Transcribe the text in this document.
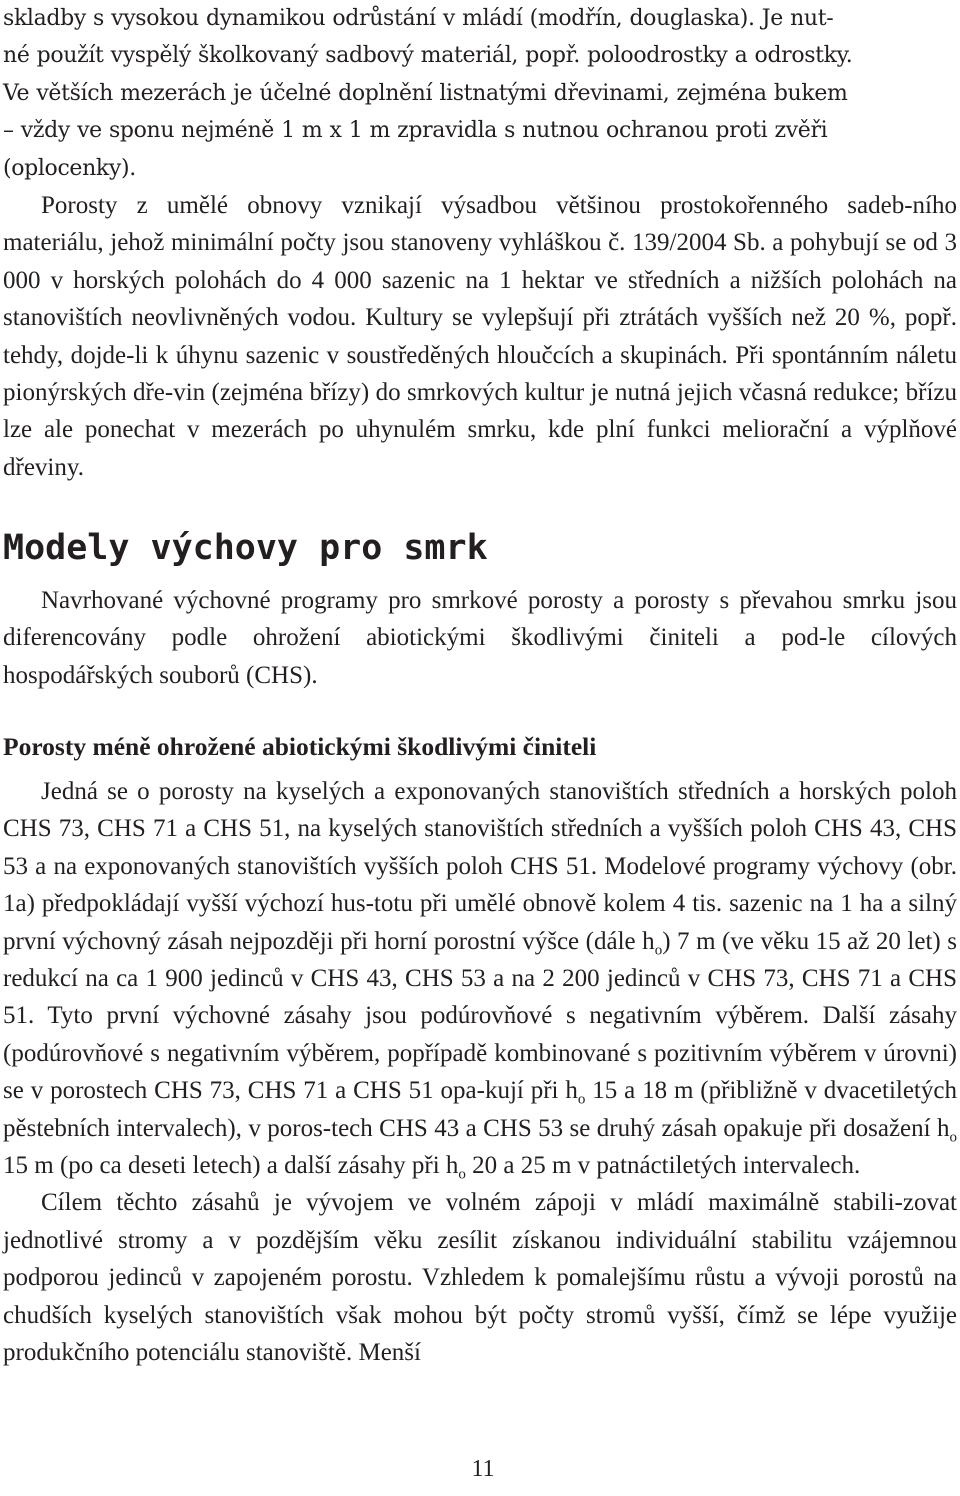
skladby s vysokou dynamikou odrůstání v mládí (modřín, douglaska). Je nut-
né použít vyspělý školkovaný sadbový materiál, popř. poloodrostky a odrostky.
Ve větších mezerách je účelné doplnění listnatými dřevinami, zejména bukem
– vždy ve sponu nejméně 1 m x 1 m zpravidla s nutnou ochranou proti zvěři
(oplocenky).

Porosty z umělé obnovy vznikají výsadbou většinou prostokořenného sadeb-ního materiálu, jehož minimální počty jsou stanoveny vyhláškou č. 139/2004 Sb. a pohybují se od 3 000 v horských polohách do 4 000 sazenic na 1 hektar ve středních a nižších polohách na stanovištích neovlivněných vodou. Kultury se vylepšují při ztrátách vyšších než 20 %, popř. tehdy, dojde-li k úhynu sazenic v soustředěných hloučcích a skupinách. Při spontánním náletu pionýrských dře-vin (zejména břízy) do smrkových kultur je nutná jejich včasná redukce; břízu lze ale ponechat v mezerách po uhynulém smrku, kde plní funkci meliorační a výplňové dřeviny.

Modely výchovy pro smrk

Navrhované výchovné programy pro smrkové porosty a porosty s převahou smrku jsou diferencovány podle ohrožení abiotickými škodlivými činiteli a pod-le cílových hospodářských souborů (CHS).

Porosty méně ohrožené abiotickými škodlivými činiteli

Jedná se o porosty na kyselých a exponovaných stanovištích středních a horských poloh CHS 73, CHS 71 a CHS 51, na kyselých stanovištích středních a vyšších poloh CHS 43, CHS 53 a na exponovaných stanovištích vyšších poloh CHS 51. Modelové programy výchovy (obr. 1a) předpokládají vyšší výchozí hus-totu při umělé obnově kolem 4 tis. sazenic na 1 ha a silný první výchovný zásah nejpozději při horní porostní výšce (dále $h_o$) 7 m (ve věku 15 až 20 let) s redukcí na ca 1 900 jedinců v CHS 43, CHS 53 a na 2 200 jedinců v CHS 73, CHS 71 a CHS 51. Tyto první výchovné zásahy jsou podúrovňové s negativním výběrem. Další zásahy (podúrovňové s negativním výběrem, popřípadě kombinované s pozitivním výběrem v úrovni) se v porostech CHS 73, CHS 71 a CHS 51 opa-kují při $h_o$ 15 a 18 m (přibližně v dvacetiletých pěstebních intervalech), v poros-tech CHS 43 a CHS 53 se druhý zásah opakuje při dosažení $h_o$ 15 m (po ca deseti letech) a další zásahy při $h_o$ 20 a 25 m v patnáctiletých intervalech.

Cílem těchto zásahů je vývojem ve volném zápoji v mládí maximálně stabili-zovat jednotlivé stromy a v pozdějším věku zesílit získanou individuální stabilitu vzájemnou podporou jedinců v zapojeném porostu. Vzhledem k pomalejšímu růstu a vývoji porostů na chudších kyselých stanovištích však mohou být počty stromů vyšší, čímž se lépe využije produkčního potenciálu stanoviště. Menší

11
